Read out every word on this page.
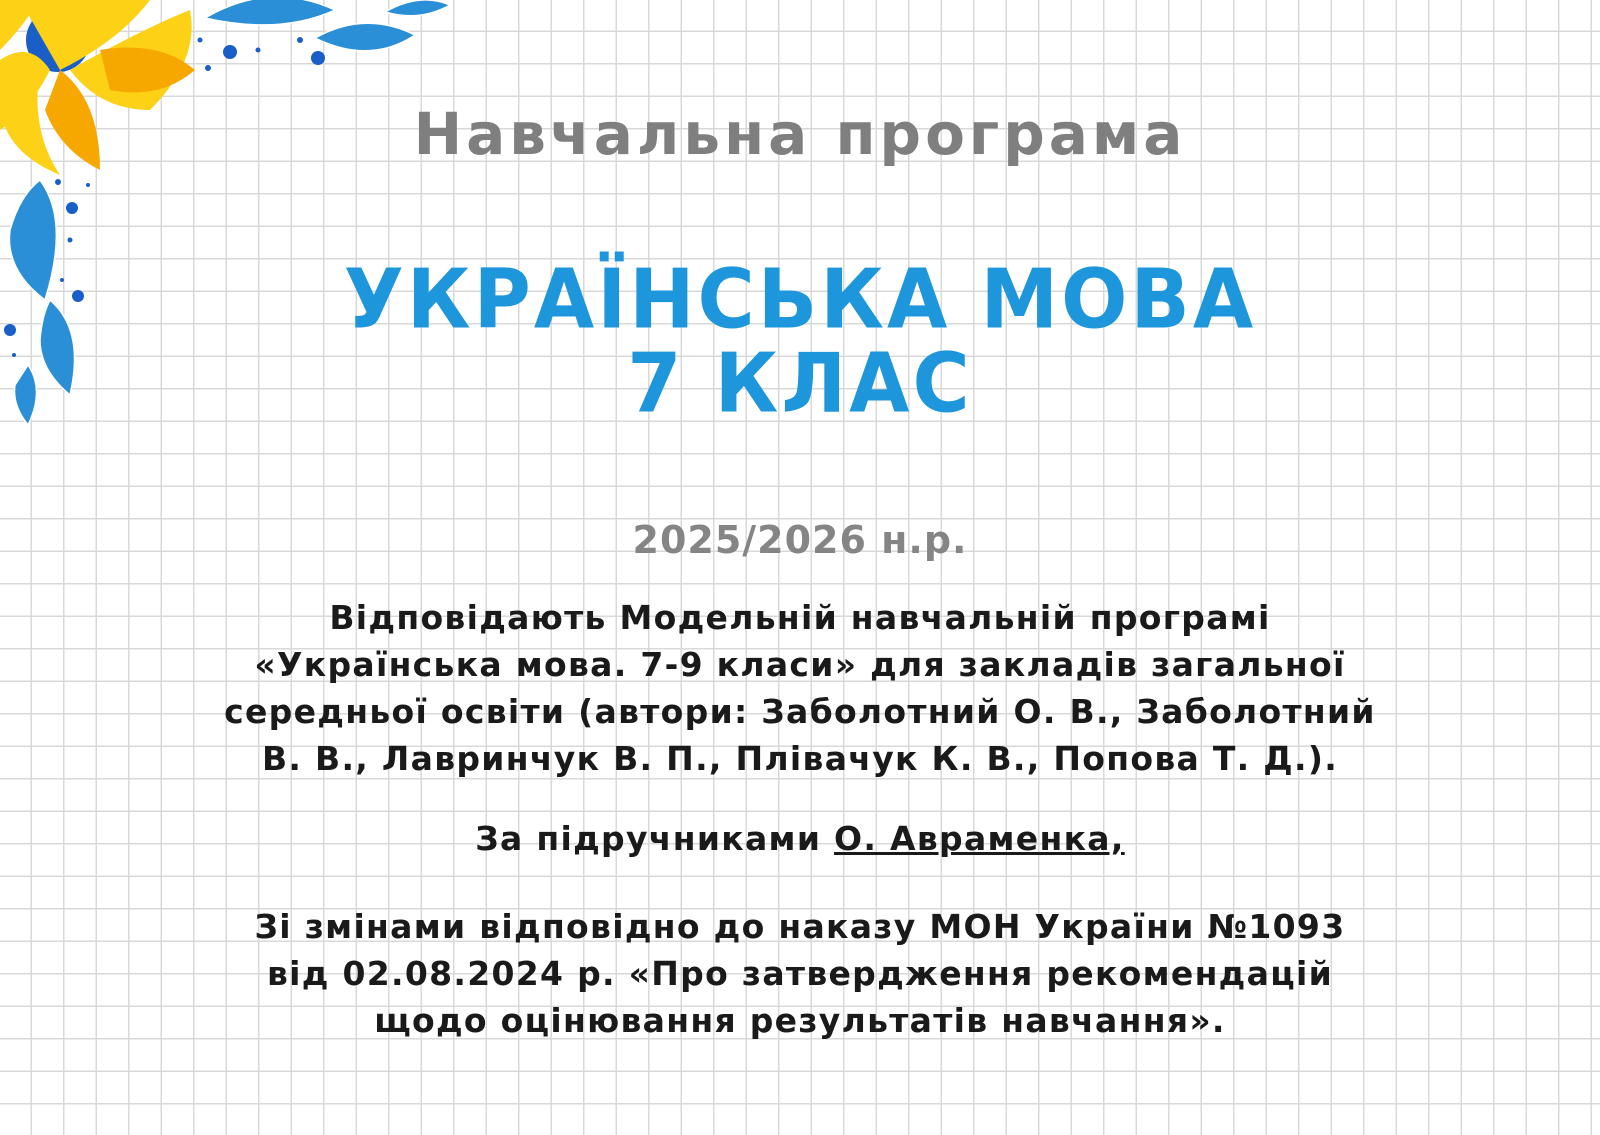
Навчальна програма
УКРАЇНСЬКА МОВА
7 КЛАС
2025/2026 н.р.
Відповідають Модельній навчальній програмі
«Українська мова. 7-9 класи» для закладів загальної
середньої освіти (автори: Заболотний О. В., Заболотний
В. В., Лавринчук В. П., Плівачук К. В., Попова Т. Д.).
За підручниками О. Авраменка,
Зі змінами відповідно до наказу МОН України №1093
від 02.08.2024 р. «Про затвердження рекомендацій
щодо оцінювання результатів навчання».
